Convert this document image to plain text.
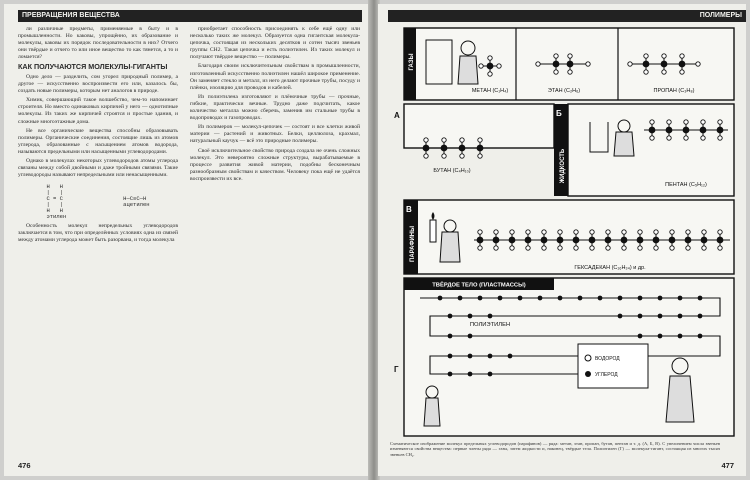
ПРЕВРАЩЕНИЯ ВЕЩЕСТВА

ли различные предметы, применяемые в быту и в промышленности. Но каковы, упрощённо, их образование и молекулы, каковы их порядок последовательности в них? Отчего они твёрдые и отчего то или иное вещество то как тянется, а то и ломается?

КАК ПОЛУЧАЮТСЯ МОЛЕКУЛЫ-ГИГАНТЫ

Одно дело — разделить, сом угорел природный полимер, а другое — искусственно воспроизвести его или, казалось бы, создать новые полимеры, которым нет аналогов в природе.

Химик, совершающий такое волшебство, чем-то напоминает строителя. Но вместо одинаковых кирпичей у него — однотипные молекулы. Из таких же кирпичей строятся и простые здания, и сложные многоэтажные дома.

Не все органические вещества способны образовывать полимеры. Органические соединения, состоящие лишь из атомов углерода, образованные с насыщением атомов водорода, называются предельными или насыщенными углеводородами.

Однако в молекулах некоторых углеводородов атомы углерода связаны между собой двойными и даже тройными связями. Такие углеводороды называют непредельными или ненасыщенными.

H   H
|   |
C = C
|   |
H   H
этилен
H—C≡C—H
ацетилен

Особенность молекул непредельных углеводородов заключается в том, что при определённых условиях одна из связей между атомами углерода может быть разорвана, и тогда молекула

приобретает способность присоединять к себе ещё одну или несколько таких же молекул. Образуется одна гигантская молекула-цепочка, состоящая из нескольких десятков и сотен тысяч звеньев группы CH2. Такая цепочка и есть полиэтилен. Из таких молекул и получают твёрдое вещество — полимеры.

Благодаря своим исключительным свойствам в промышленности, изготовленный искусственно полиэтилен нашёл широкое применение. Он заменяет стекло и металл, из него делают прочные трубы, посуду и плёнки, изоляцию для проводов и кабелей.

Из полиэтилена изготовляют и плёночные трубы — прочные, гибкие, практически вечные. Трудно даже подсчитать, какое количество металла можно сберечь, заменив им стальные трубы в водопроводах и газопроводах.

Из полимеров — молекул-цепочек — состоят и все клетки живой материи — растений и животных. Белки, целлюлоза, крахмал, натуральный каучук — всё это природные полимеры.

Своё исключительное свойство природа создала не очень сложных молекул. Это невероятно сложные структуры, вырабатываемые в процессе развития живой материи, подобны бесконечным разнообразным свойствам и качеством. Человеку пока ещё не удаётся воспроизвести их все.

476
ПОЛИМЕРЫ
ГАЗЫ
МЕТАН (C₁H₄)	ЭТАН (C₂H₆)	ПРОПАН (C₃H₈)
А	Б
ЖИДКОСТЬ
БУТАН (C₄H₁₀)
ПЕНТАН (C₅H₁₂)
В
ПАРАФИНЫ
ГЕКСАДЕКАН (C₁₆H₃₄) и др.
ТВЁРДОЕ ТЕЛО (ПЛАСТМАССЫ)
Г
ПОЛИЭТИЛЕН
ВОДОРОД
УГЛЕРОД
Схематическое изображение молекул предельных углеводородов (парафинов) — ряда: метан, этан, пропан, бутан, пентан и т. д. (А, Б, В). С увеличением числа звеньев изменяются свойства вещества: первые члены ряда — газы, затем жидкости и, наконец, твёрдые тела. Полиэтилен (Г) — молекула-гигант, состоящая из многих тысяч звеньев CH₂.
477
